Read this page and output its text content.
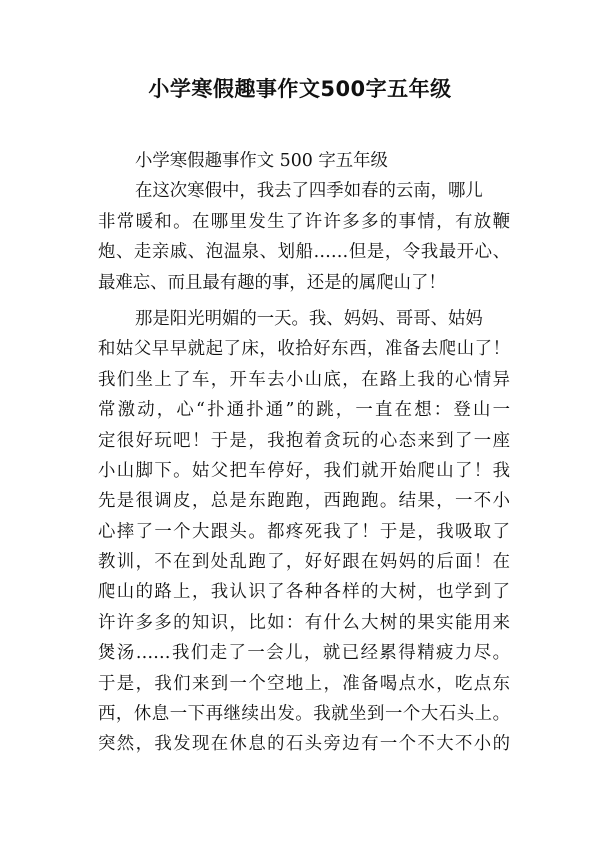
小学寒假趣事作文500字五年级
小学寒假趣事作文 500 字五年级
在这次寒假中，我去了四季如春的云南，哪儿
非常暖和。在哪里发生了许许多多的事情，有放鞭
炮、走亲戚、泡温泉、划船……但是，令我最开心、
最难忘、而且最有趣的事，还是的属爬山了！
那是阳光明媚的一天。我、妈妈、哥哥、姑妈
和姑父早早就起了床，收拾好东西，准备去爬山了！
我们坐上了车，开车去小山底，在路上我的心情异
常激动，心“扑通扑通”的跳，一直在想：登山一
定很好玩吧！于是，我抱着贪玩的心态来到了一座
小山脚下。姑父把车停好，我们就开始爬山了！我
先是很调皮，总是东跑跑，西跑跑。结果，一不小
心摔了一个大跟头。都疼死我了！于是，我吸取了
教训，不在到处乱跑了，好好跟在妈妈的后面！在
爬山的路上，我认识了各种各样的大树，也学到了
许许多多的知识，比如：有什么大树的果实能用来
煲汤……我们走了一会儿，就已经累得精疲力尽。
于是，我们来到一个空地上，准备喝点水，吃点东
西，休息一下再继续出发。我就坐到一个大石头上。
突然，我发现在休息的石头旁边有一个不大不小的
